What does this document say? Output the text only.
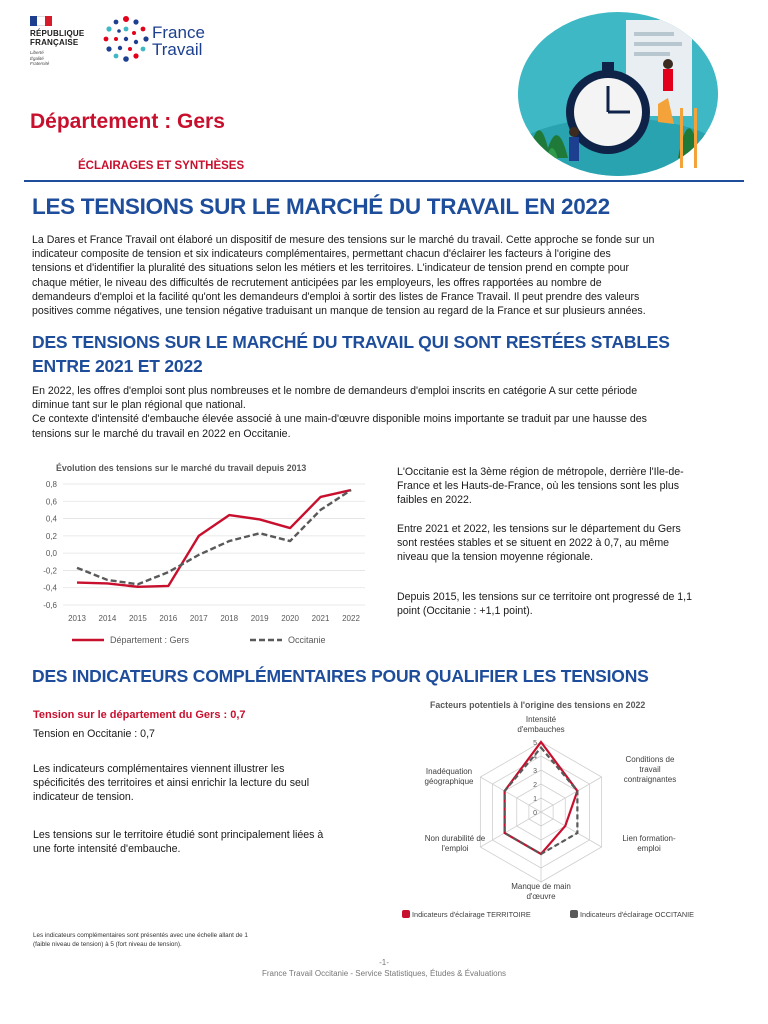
RÉPUBLIQUE
FRANÇAISE
Liberté
Égalité
Fraternité
France
Travail
Département : Gers
ÉCLAIRAGES ET SYNTHÈSES
LES TENSIONS SUR LE MARCHÉ DU TRAVAIL EN 2022
La Dares et France Travail ont élaboré un dispositif de mesure des tensions sur le marché du travail. Cette approche se fonde sur un
indicateur composite de tension et six indicateurs complémentaires, permettant chacun d'éclairer les facteurs à l'origine des
tensions et d'identifier la pluralité des situations selon les métiers et les territoires. L'indicateur de tension prend en compte pour
chaque métier, le niveau des difficultés de recrutement anticipées par les employeurs, les offres rapportées au nombre de
demandeurs d'emploi et la facilité qu'ont les demandeurs d'emploi à sortir des listes de France Travail. Il peut prendre des valeurs
positives comme négatives, une tension négative traduisant un manque de tension au regard de la France et sur plusieurs années.
DES TENSIONS SUR LE MARCHÉ DU TRAVAIL QUI SONT RESTÉES STABLES
ENTRE 2021 ET 2022
En 2022, les offres d'emploi sont plus nombreuses et le nombre de demandeurs d'emploi inscrits en catégorie A sur cette période
diminue tant sur le plan régional que national.
Ce contexte d'intensité d'embauche élevée associé à une main-d'œuvre disponible moins importante se traduit par une hausse des
tensions sur le marché du travail en 2022 en Occitanie.
Évolution des tensions sur le marché du travail depuis 2013
0,8
0,6
0,4
0,2
0,0
-0,2
-0,4
-0,6
2013 2014 2015 2016 2017 2018 2019 2020 2021 2022
Département : Gers	Occitanie
L'Occitanie est la 3ème région de métropole, derrière l'Ile-de-
France et les Hauts-de-France, où les tensions sont les plus
faibles en 2022.
Entre 2021 et 2022, les tensions sur le département du Gers
sont restées stables et se situent en 2022 à 0,7, au même
niveau que la tension moyenne régionale.
Depuis 2015, les tensions sur ce territoire ont progressé de 1,1
point (Occitanie : +1,1 point).
DES INDICATEURS COMPLÉMENTAIRES POUR QUALIFIER LES TENSIONS
Tension sur le département du Gers : 0,7
Tension en Occitanie : 0,7
Les indicateurs complémentaires viennent illustrer les
spécificités des territoires et ainsi enrichir la lecture du seul
indicateur de tension.
Les tensions sur le territoire étudié sont principalement liées à
une forte intensité d'embauche.
Facteurs potentiels à l'origine des tensions en 2022
0
1
2
3
4
5
Intensité d'embauches
Conditions de travail contraignantes
Lien formation-emploi
Manque de main d'œuvre
Non durabilité de l'emploi
Inadéquation géographique
Indicateurs d'éclairage TERRITOIRE	Indicateurs d'éclairage OCCITANIE
Les indicateurs complémentaires sont présentés avec une échelle allant de 1
(faible niveau de tension) à 5 (fort niveau de tension).
-1-
France Travail Occitanie - Service Statistiques, Études & Évaluations
